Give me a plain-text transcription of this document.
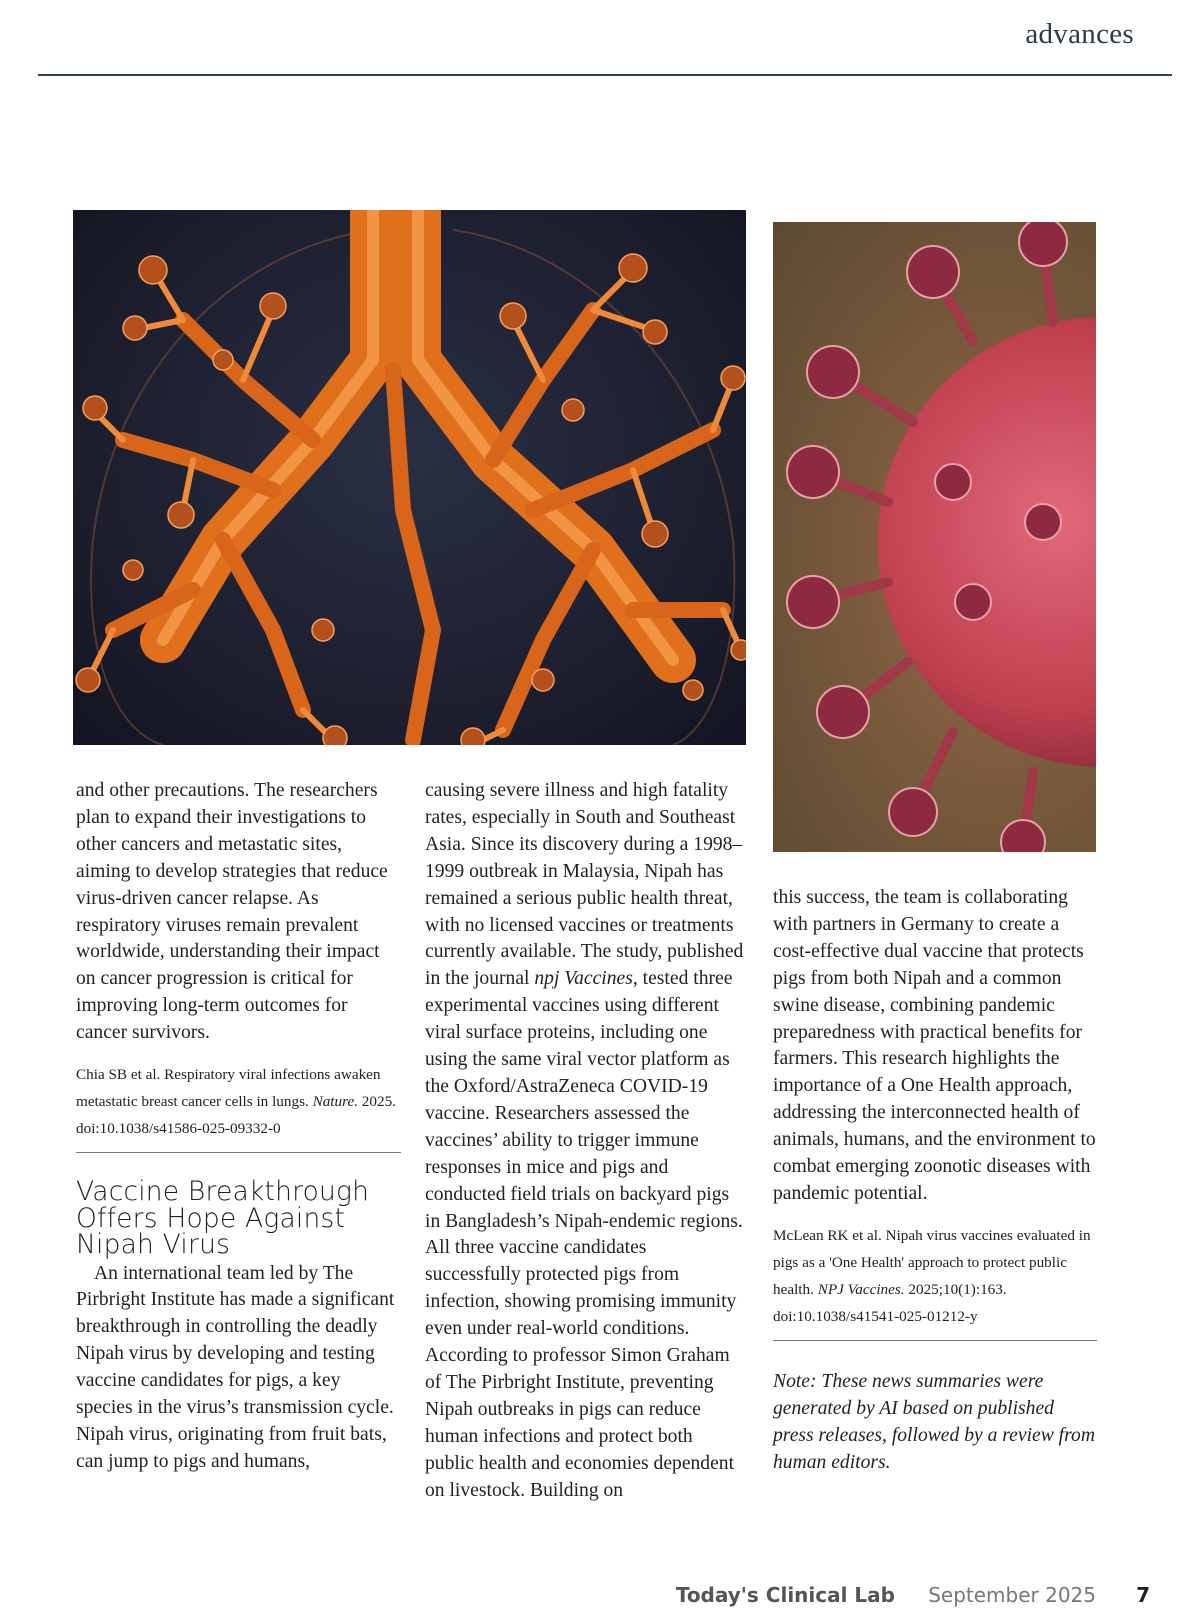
advances

and other precautions. The researchers plan to expand their investigations to other cancers and metastatic sites, aiming to develop strategies that reduce virus-driven cancer relapse. As respiratory viruses remain prevalent worldwide, understanding their impact on cancer progression is critical for improving long-term outcomes for cancer survivors.

Chia SB et al. Respiratory viral infections awaken metastatic breast cancer cells in lungs. Nature. 2025. doi:10.1038/s41586-025-09332-0

Vaccine Breakthrough Offers Hope Against Nipah Virus

An international team led by The Pirbright Institute has made a significant breakthrough in controlling the deadly Nipah virus by developing and testing vaccine candidates for pigs, a key species in the virus’s transmission cycle. Nipah virus, originating from fruit bats, can jump to pigs and humans,

causing severe illness and high fatality rates, especially in South and Southeast Asia. Since its discovery during a 1998–1999 outbreak in Malaysia, Nipah has remained a serious public health threat, with no licensed vaccines or treatments currently available. The study, published in the journal npj Vaccines, tested three experimental vaccines using different viral surface proteins, including one using the same viral vector platform as the Oxford/AstraZeneca COVID-19 vaccine. Researchers assessed the vaccines’ ability to trigger immune responses in mice and pigs and conducted field trials on backyard pigs in Bangladesh’s Nipah-endemic regions. All three vaccine candidates successfully protected pigs from infection, showing promising immunity even under real-world conditions. According to professor Simon Graham of The Pirbright Institute, preventing Nipah outbreaks in pigs can reduce human infections and protect both public health and economies dependent on livestock. Building on

this success, the team is collaborating with partners in Germany to create a cost-effective dual vaccine that protects pigs from both Nipah and a common swine disease, combining pandemic preparedness with practical benefits for farmers. This research highlights the importance of a One Health approach, addressing the interconnected health of animals, humans, and the environment to combat emerging zoonotic diseases with pandemic potential.

McLean RK et al. Nipah virus vaccines evaluated in pigs as a 'One Health' approach to protect public health. NPJ Vaccines. 2025;10(1):163. doi:10.1038/s41541-025-01212-y

Note: These news summaries were generated by AI based on published press releases, followed by a review from human editors.

Today's Clinical Lab September 2025 7
